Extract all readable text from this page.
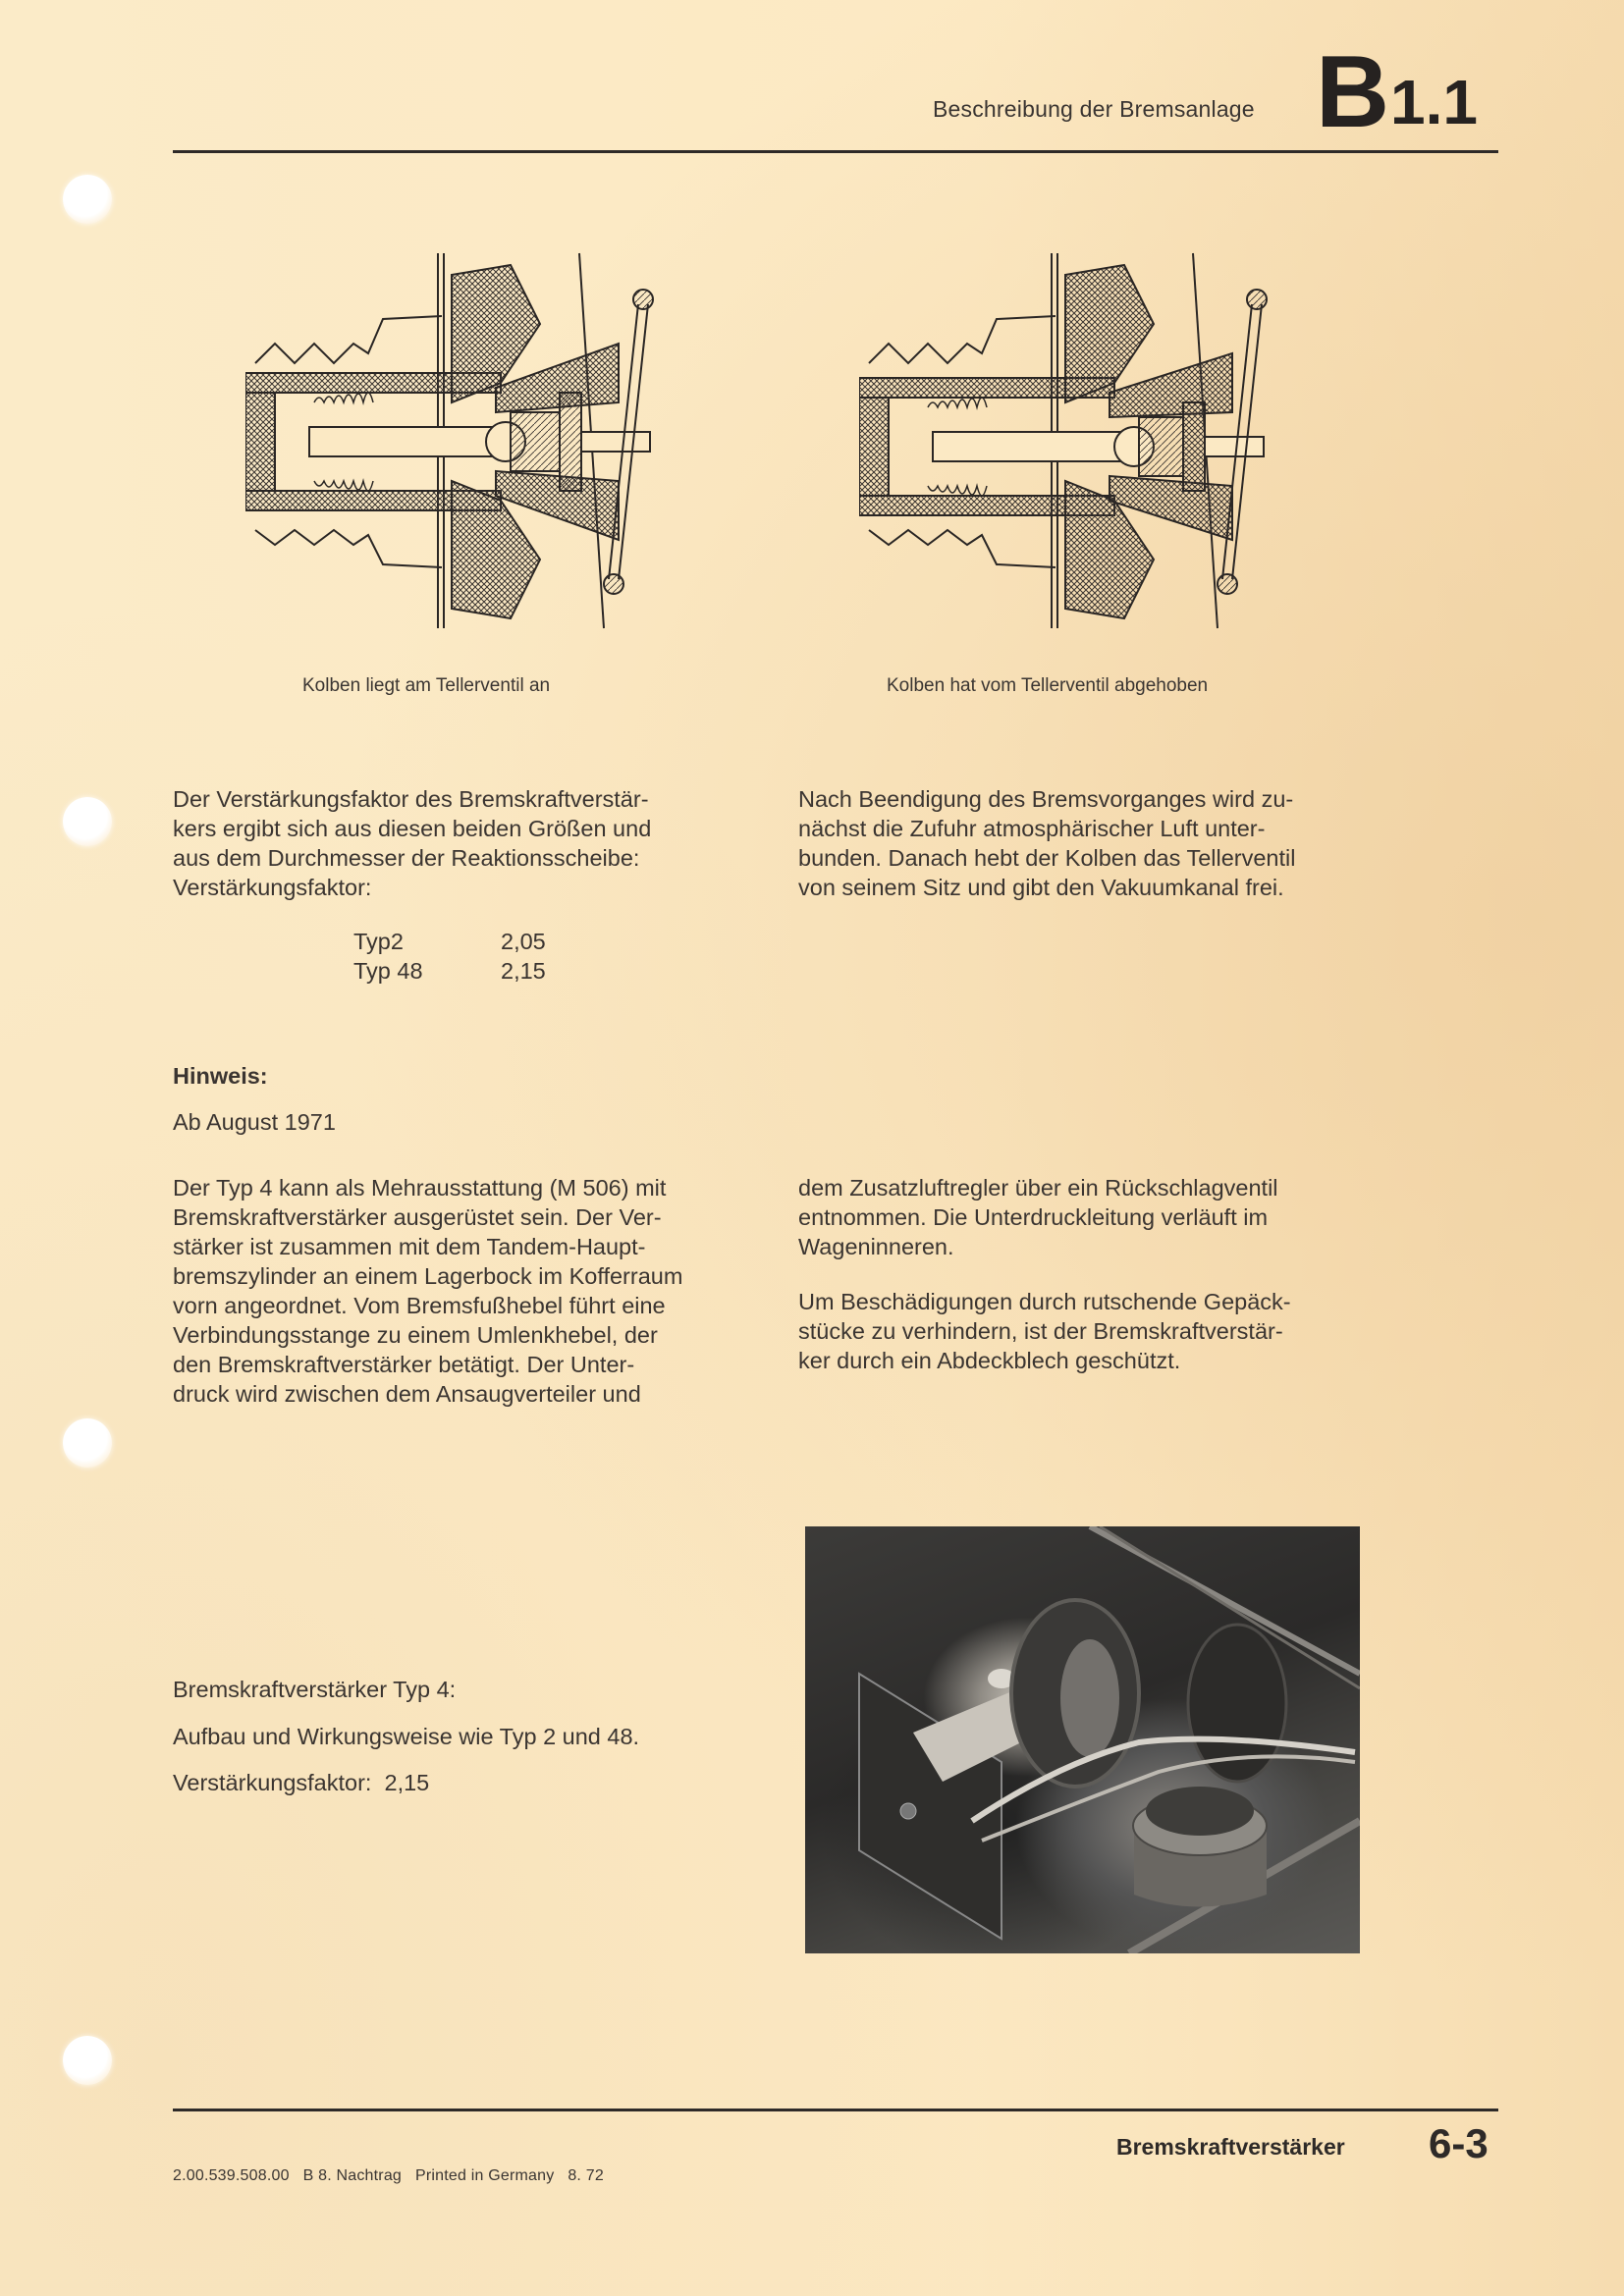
Beschreibung der Bremsanlage B 1.1
Kolben liegt am Tellerventil an	Kolben hat vom Tellerventil abgehoben
Der Verstärkungsfaktor des Bremskraftverstär-
kers ergibt sich aus diesen beiden Größen und
aus dem Durchmesser der Reaktionsscheibe:
Verstärkungsfaktor:
Typ2	2,05
Typ 48	2,15
Nach Beendigung des Bremsvorganges wird zu-
nächst die Zufuhr atmosphärischer Luft unter-
bunden. Danach hebt der Kolben das Tellerventil
von seinem Sitz und gibt den Vakuumkanal frei.
Hinweis:
Ab August 1971
Der Typ 4 kann als Mehrausstattung (M 506) mit
Bremskraftverstärker ausgerüstet sein. Der Ver-
stärker ist zusammen mit dem Tandem-Haupt-
bremszylinder an einem Lagerbock im Kofferraum
vorn angeordnet. Vom Bremsfußhebel führt eine
Verbindungsstange zu einem Umlenkhebel, der
den Bremskraftverstärker betätigt. Der Unter-
druck wird zwischen dem Ansaugverteiler und
dem Zusatzluftregler über ein Rückschlagventil
entnommen. Die Unterdruckleitung verläuft im
Wageninneren.
Um Beschädigungen durch rutschende Gepäck-
stücke zu verhindern, ist der Bremskraftverstär-
ker durch ein Abdeckblech geschützt.
Bremskraftverstärker Typ 4:
Aufbau und Wirkungsweise wie Typ 2 und 48.
Verstärkungsfaktor:  2,15
Bremskraftverstärker 6-3
2.00.539.508.00   B 8. Nachtrag   Printed in Germany   8. 72
